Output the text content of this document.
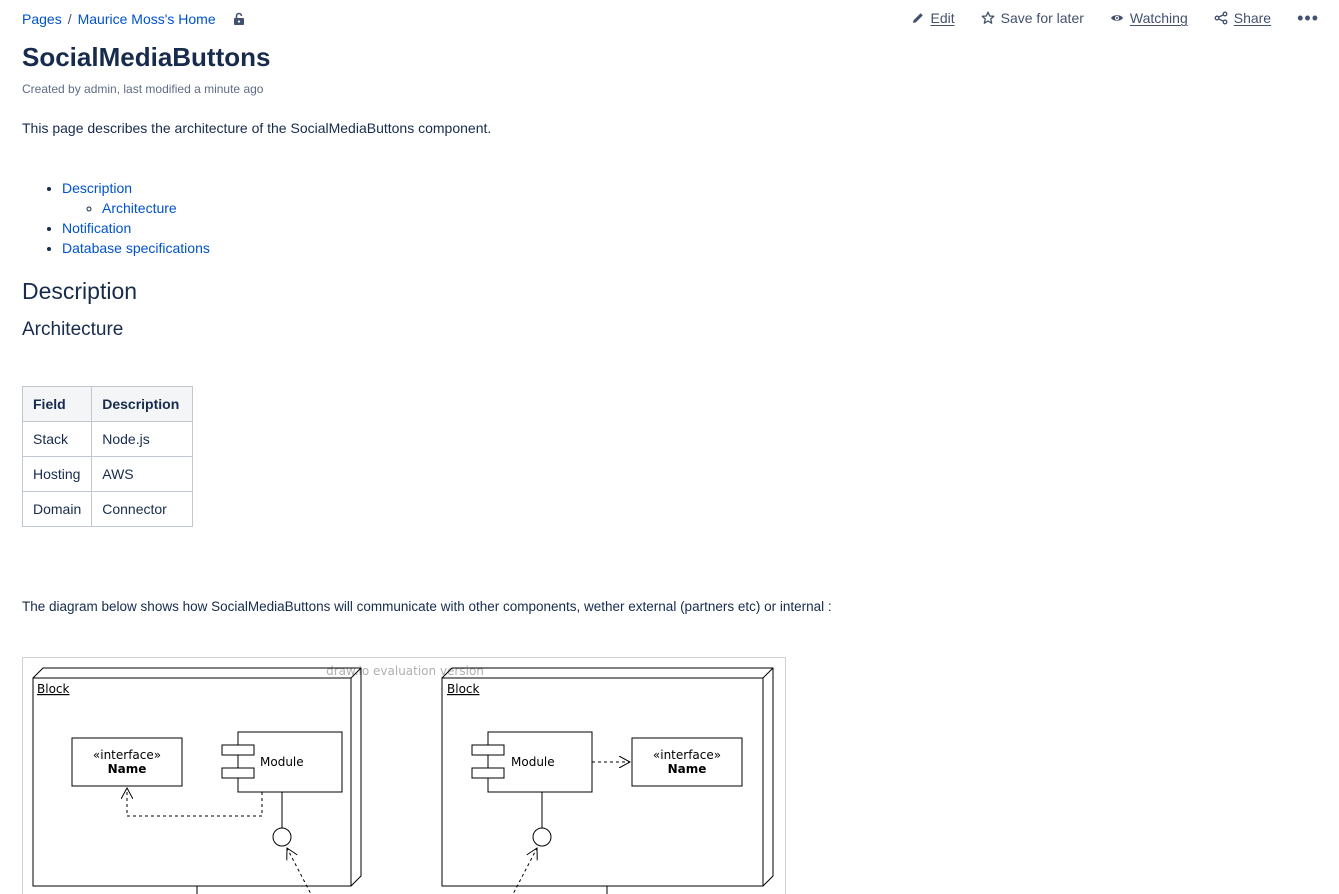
Pages / Maurice Moss's Home	Edit	Save for later	Watching	Share •••
SocialMediaButtons
Created by admin, last modified a minute ago
This page describes the architecture of the SocialMediaButtons component.
• Description
◦ Architecture
• Notification
• Database specifications
Description
Architecture
Field	Description
Stack	Node.js
Hosting	AWS
Domain	Connector
The diagram below shows how SocialMediaButtons will communicate with other components, wether external (partners etc) or internal :
draw.io evaluation version
Block
«interface»
Name	Module
Block
Module	«interface»
Name
